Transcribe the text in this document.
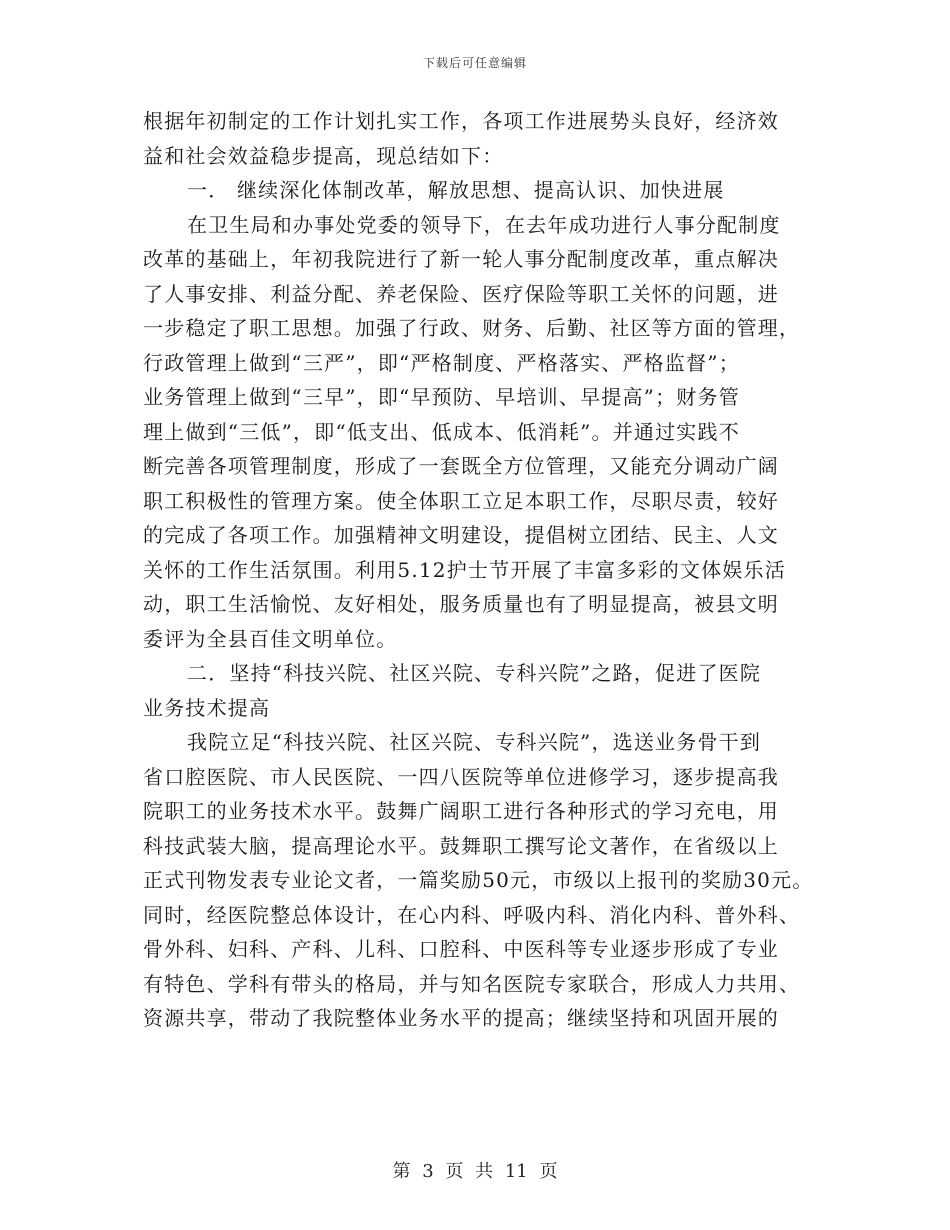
下载后可任意编辑
根据年初制定的工作计划扎实工作，各项工作进展势头良好，经济效
益和社会效益稳步提高，现总结如下：
一． 继续深化体制改革，解放思想、提高认识、加快进展
在卫生局和办事处党委的领导下，在去年成功进行人事分配制度
改革的基础上，年初我院进行了新一轮人事分配制度改革，重点解决
了人事安排、利益分配、养老保险、医疗保险等职工关怀的问题，进
一步稳定了职工思想。加强了行政、财务、后勤、社区等方面的管理，
行政管理上做到“三严”，即“严格制度、严格落实、严格监督”；
业务管理上做到“三早”，即“早预防、早培训、早提高”；财务管
理上做到“三低”，即“低支出、低成本、低消耗”。并通过实践不
断完善各项管理制度，形成了一套既全方位管理，又能充分调动广阔
职工积极性的管理方案。使全体职工立足本职工作，尽职尽责，较好
的完成了各项工作。加强精神文明建设，提倡树立团结、民主、人文
关怀的工作生活氛围。利用5.12护士节开展了丰富多彩的文体娱乐活
动，职工生活愉悦、友好相处，服务质量也有了明显提高，被县文明
委评为全县百佳文明单位。
二．坚持“科技兴院、社区兴院、专科兴院”之路，促进了医院
业务技术提高
我院立足“科技兴院、社区兴院、专科兴院”，选送业务骨干到
省口腔医院、市人民医院、一四八医院等单位进修学习，逐步提高我
院职工的业务技术水平。鼓舞广阔职工进行各种形式的学习充电，用
科技武装大脑，提高理论水平。鼓舞职工撰写论文著作，在省级以上
正式刊物发表专业论文者，一篇奖励50元，市级以上报刊的奖励30元。
同时，经医院整总体设计，在心内科、呼吸内科、消化内科、普外科、
骨外科、妇科、产科、儿科、口腔科、中医科等专业逐步形成了专业
有特色、学科有带头的格局，并与知名医院专家联合，形成人力共用、
资源共享，带动了我院整体业务水平的提高；继续坚持和巩固开展的
第 3 页 共 11 页
